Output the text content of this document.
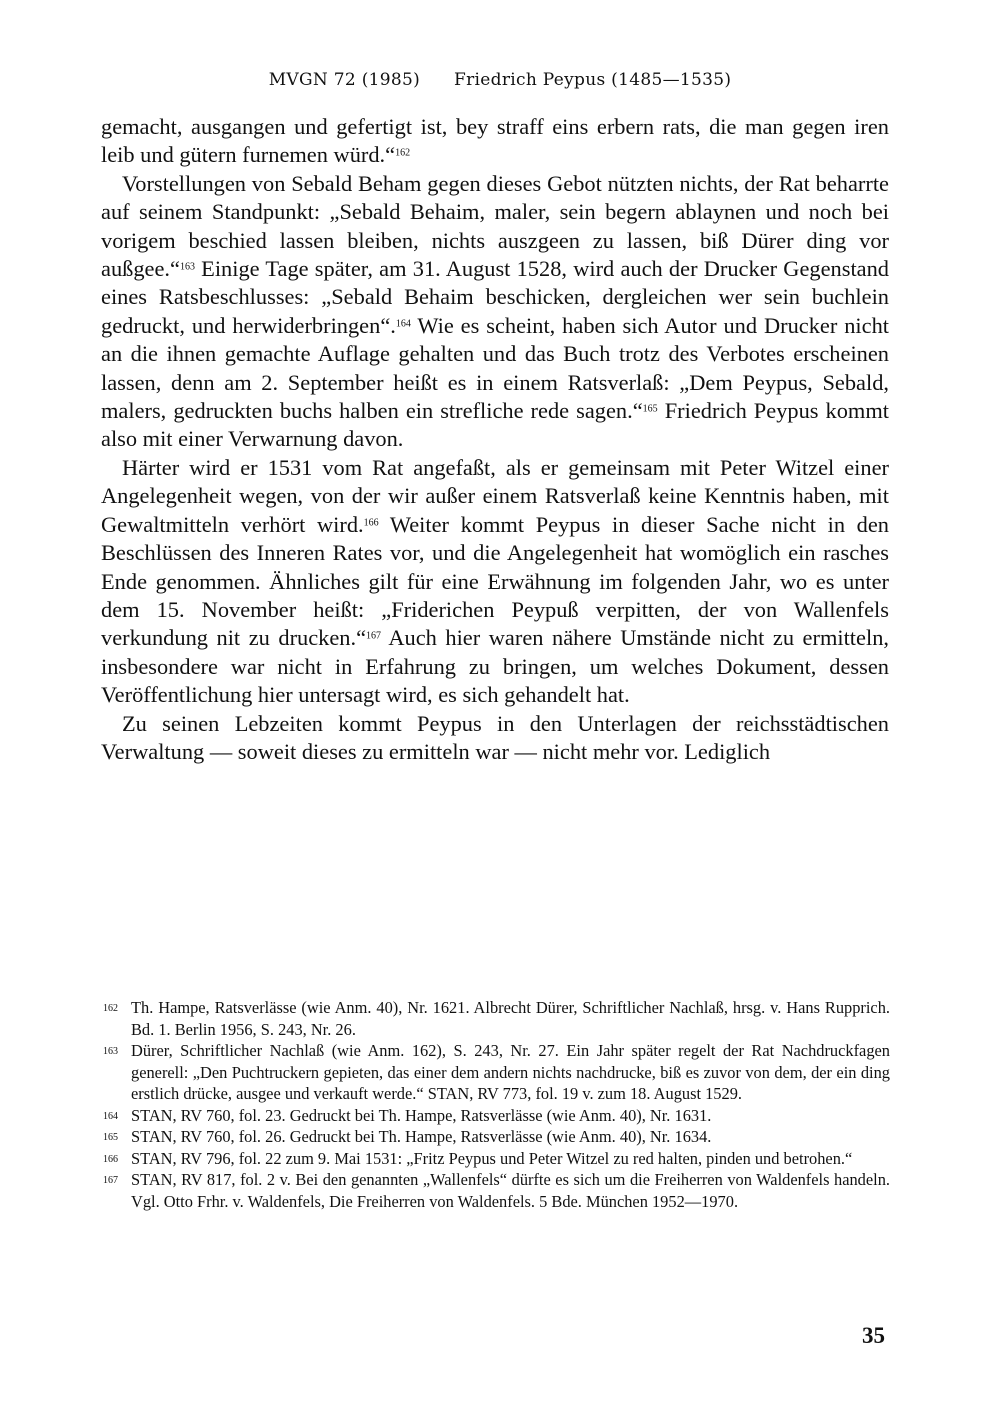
MVGN 72 (1985) Friedrich Peypus (1485—1535)

gemacht, ausgangen und gefertigt ist, bey straff eins erbern rats, die man gegen iren leib und gütern furnemen würd.“$^{162}$

Vorstellungen von Sebald Beham gegen dieses Gebot nützten nichts, der Rat beharrte auf seinem Standpunkt: „Sebald Behaim, maler, sein begern ablaynen und noch bei vorigem beschied lassen bleiben, nichts auszgeen zu lassen, biß Dürer ding vor außgee.“$^{163}$ Einige Tage später, am 31. August 1528, wird auch der Drucker Gegenstand eines Ratsbeschlusses: „Sebald Behaim beschicken, dergleichen wer sein buchlein gedruckt, und herwiderbringen“.$^{164}$ Wie es scheint, haben sich Autor und Drucker nicht an die ihnen gemachte Auflage gehalten und das Buch trotz des Verbotes erscheinen lassen, denn am 2. September heißt es in einem Ratsverlaß: „Dem Peypus, Sebald, malers, gedruckten buchs halben ein strefliche rede sagen.“$^{165}$ Friedrich Peypus kommt also mit einer Verwarnung davon.

Härter wird er 1531 vom Rat angefaßt, als er gemeinsam mit Peter Witzel einer Angelegenheit wegen, von der wir außer einem Ratsverlaß keine Kenntnis haben, mit Gewaltmitteln verhört wird.$^{166}$ Weiter kommt Peypus in dieser Sache nicht in den Beschlüssen des Inneren Rates vor, und die Angelegenheit hat womöglich ein rasches Ende genommen. Ähnliches gilt für eine Erwähnung im folgenden Jahr, wo es unter dem 15. November heißt: „Friderichen Peypuß verpitten, der von Wallenfels verkundung nit zu drucken.“$^{167}$ Auch hier waren nähere Umstände nicht zu ermitteln, insbesondere war nicht in Erfahrung zu bringen, um welches Dokument, dessen Veröffentlichung hier untersagt wird, es sich gehandelt hat.

Zu seinen Lebzeiten kommt Peypus in den Unterlagen der reichsstädtischen Verwaltung — soweit dieses zu ermitteln war — nicht mehr vor. Lediglich

162 Th. Hampe, Ratsverlässe (wie Anm. 40), Nr. 1621. Albrecht Dürer, Schriftlicher Nachlaß, hrsg. v. Hans Rupprich. Bd. 1. Berlin 1956, S. 243, Nr. 26.

163 Dürer, Schriftlicher Nachlaß (wie Anm. 162), S. 243, Nr. 27. Ein Jahr später regelt der Rat Nachdruckfagen generell: „Den Puchtruckern gepieten, das einer dem andern nichts nachdrucke, biß es zuvor von dem, der ein ding erstlich drücke, ausgee und verkauft werde.“ STAN, RV 773, fol. 19 v. zum 18. August 1529.

164 STAN, RV 760, fol. 23. Gedruckt bei Th. Hampe, Ratsverlässe (wie Anm. 40), Nr. 1631.

165 STAN, RV 760, fol. 26. Gedruckt bei Th. Hampe, Ratsverlässe (wie Anm. 40), Nr. 1634.

166 STAN, RV 796, fol. 22 zum 9. Mai 1531: „Fritz Peypus und Peter Witzel zu red halten, pinden und betrohen.“

167 STAN, RV 817, fol. 2 v. Bei den genannten „Wallenfels“ dürfte es sich um die Freiherren von Waldenfels handeln. Vgl. Otto Frhr. v. Waldenfels, Die Freiherren von Waldenfels. 5 Bde. München 1952—1970.

35
